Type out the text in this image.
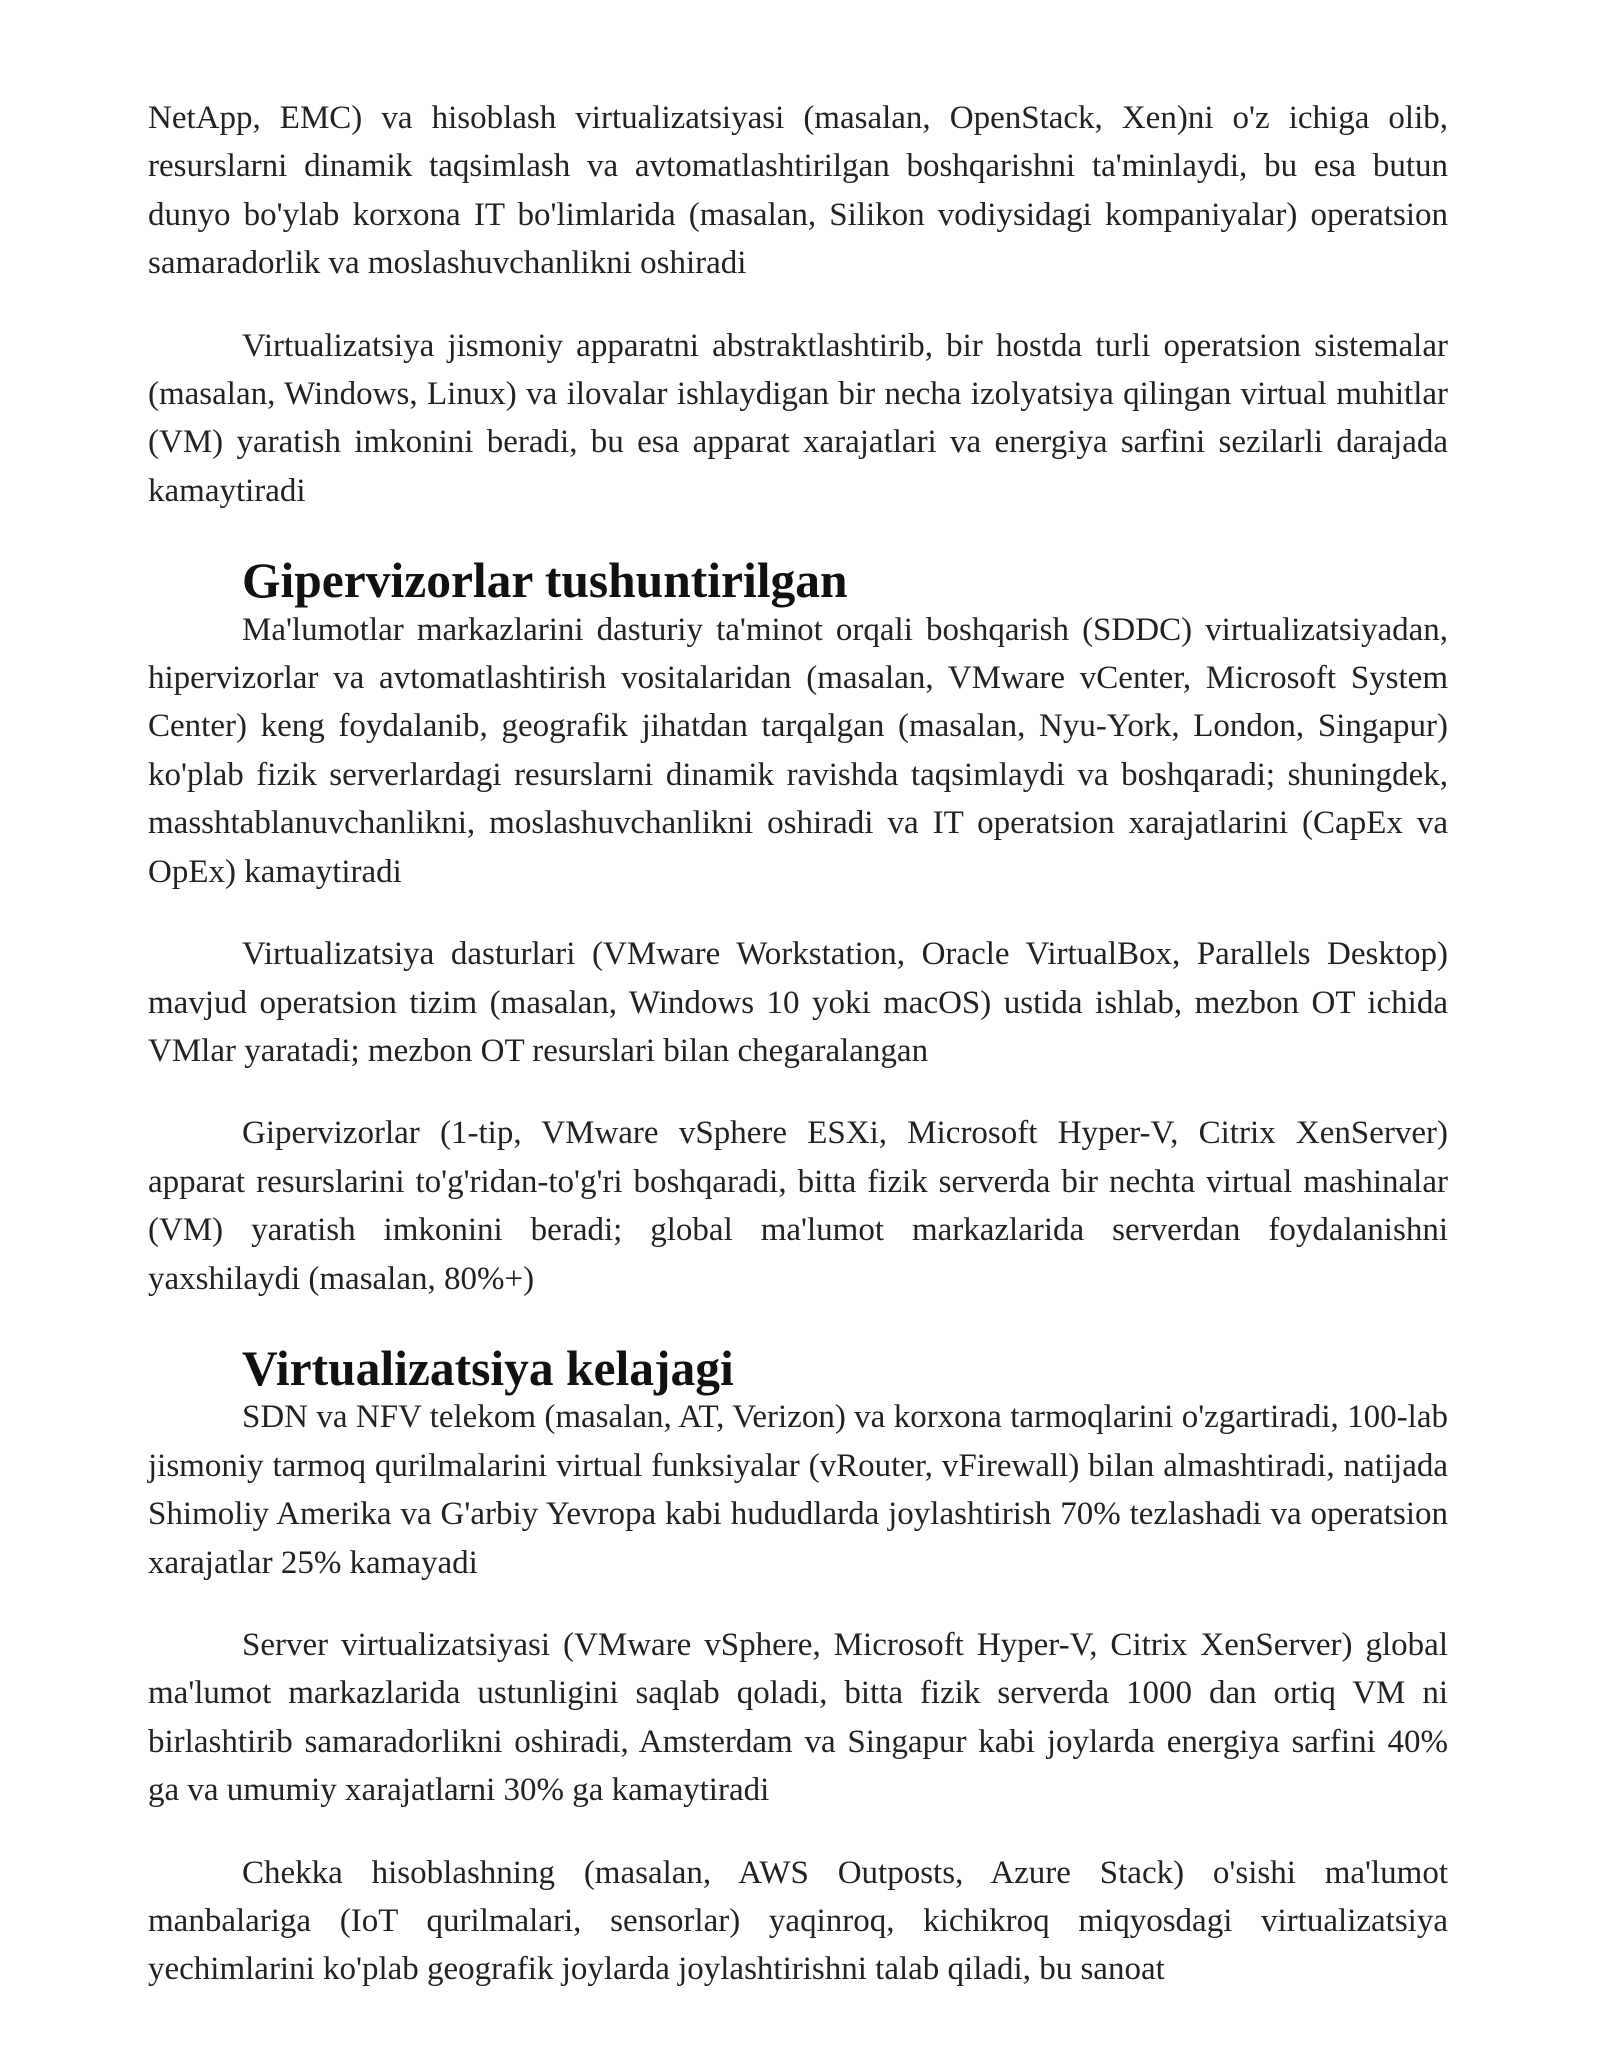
NetApp, EMC) va hisoblash virtualizatsiyasi (masalan, OpenStack, Xen)ni o'z ichiga olib, resurslarni dinamik taqsimlash va avtomatlashtirilgan boshqarishni ta'minlaydi, bu esa butun dunyo bo'ylab korxona IT bo'limlarida (masalan, Silikon vodiysidagi kompaniyalar) operatsion samaradorlik va moslashuvchanlikni oshiradi

Virtualizatsiya jismoniy apparatni abstraktlashtirib, bir hostda turli operatsion sistemalar (masalan, Windows, Linux) va ilovalar ishlaydigan bir necha izolyatsiya qilingan virtual muhitlar (VM) yaratish imkonini beradi, bu esa apparat xarajatlari va energiya sarfini sezilarli darajada kamaytiradi

Gipervizorlar tushuntirilgan

Ma'lumotlar markazlarini dasturiy ta'minot orqali boshqarish (SDDC) virtualizatsiyadan, hipervizorlar va avtomatlashtirish vositalaridan (masalan, VMware vCenter, Microsoft System Center) keng foydalanib, geografik jihatdan tarqalgan (masalan, Nyu-York, London, Singapur) ko'plab fizik serverlardagi resurslarni dinamik ravishda taqsimlaydi va boshqaradi; shuningdek, masshtablanuvchanlikni, moslashuvchanlikni oshiradi va IT operatsion xarajatlarini (CapEx va OpEx) kamaytiradi

Virtualizatsiya dasturlari (VMware Workstation, Oracle VirtualBox, Parallels Desktop) mavjud operatsion tizim (masalan, Windows 10 yoki macOS) ustida ishlab, mezbon OT ichida VMlar yaratadi; mezbon OT resurslari bilan chegaralangan

Gipervizorlar (1-tip, VMware vSphere ESXi, Microsoft Hyper-V, Citrix XenServer) apparat resurslarini to'g'ridan-to'g'ri boshqaradi, bitta fizik serverda bir nechta virtual mashinalar (VM) yaratish imkonini beradi; global ma'lumot markazlarida serverdan foydalanishni yaxshilaydi (masalan, 80%+)

Virtualizatsiya kelajagi

SDN va NFV telekom (masalan, AT, Verizon) va korxona tarmoqlarini o'zgartiradi, 100-lab jismoniy tarmoq qurilmalarini virtual funksiyalar (vRouter, vFirewall) bilan almashtiradi, natijada Shimoliy Amerika va G'arbiy Yevropa kabi hududlarda joylashtirish 70% tezlashadi va operatsion xarajatlar 25% kamayadi

Server virtualizatsiyasi (VMware vSphere, Microsoft Hyper-V, Citrix XenServer) global ma'lumot markazlarida ustunligini saqlab qoladi, bitta fizik serverda 1000 dan ortiq VM ni birlashtirib samaradorlikni oshiradi, Amsterdam va Singapur kabi joylarda energiya sarfini 40% ga va umumiy xarajatlarni 30% ga kamaytiradi

Chekka hisoblashning (masalan, AWS Outposts, Azure Stack) o'sishi ma'lumot manbalariga (IoT qurilmalari, sensorlar) yaqinroq, kichikroq miqyosdagi virtualizatsiya yechimlarini ko'plab geografik joylarda joylashtirishni talab qiladi, bu sanoat
